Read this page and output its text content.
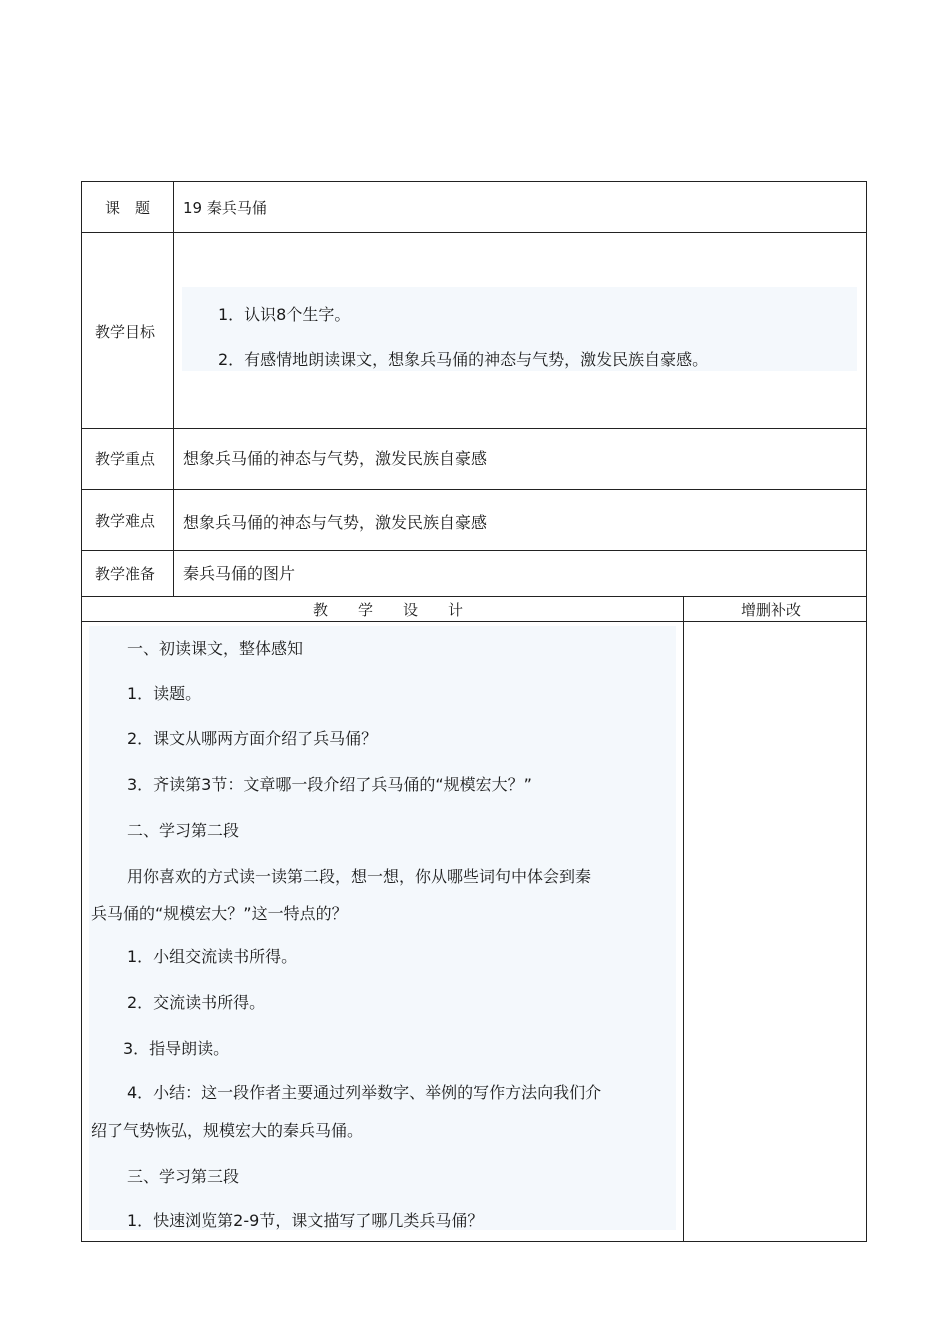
课　题 19 秦兵马俑
教学目标
1．认识8个生字。
2．有感情地朗读课文，想象兵马俑的神态与气势，激发民族自豪感。
教学重点 想象兵马俑的神态与气势，激发民族自豪感
教学难点 想象兵马俑的神态与气势，激发民族自豪感
教学准备 秦兵马俑的图片
教　　学　　设　　计	增删补改
一、初读课文，整体感知
1．读题。
2．课文从哪两方面介绍了兵马俑？
3．齐读第3节：文章哪一段介绍了兵马俑的“规模宏大？”
二、学习第二段
用你喜欢的方式读一读第二段，想一想，你从哪些词句中体会到秦
兵马俑的“规模宏大？”这一特点的？
1．小组交流读书所得。
2．交流读书所得。
3．指导朗读。
4．小结：这一段作者主要通过列举数字、举例的写作方法向我们介
绍了气势恢弘，规模宏大的秦兵马俑。
三、学习第三段
1．快速浏览第2-9节，课文描写了哪几类兵马俑？
